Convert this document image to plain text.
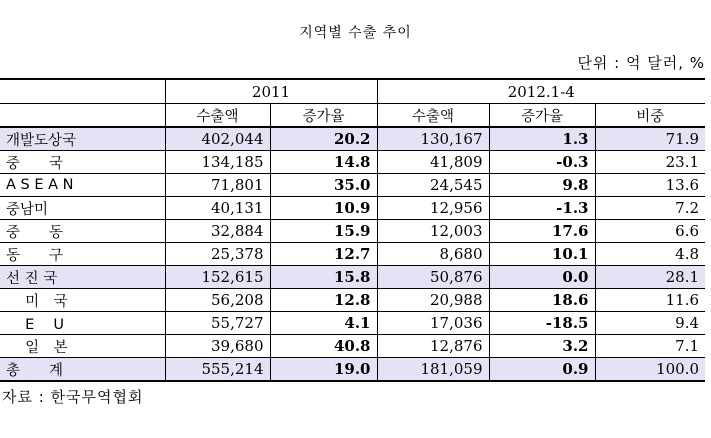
지역별 수출 추이
단위 : 억 달러, %
	2011		2012.1-4		
	수출액	증가율	수출액	증가율	비중
개발도상국	402,044	20.2	130,167	1.3	71.9
중　　국	134,185	14.8	41,809	-0.3	23.1
A S E A N	71,801	35.0	24,545	9.8	13.6
중남미	40,131	10.9	12,956	-1.3	7.2
중　　동	32,884	15.9	12,003	17.6	6.6
동　　구	25,378	12.7	8,680	10.1	4.8
선 진 국	152,615	15.8	50,876	0.0	28.1
　 미　국	56,208	12.8	20,988	18.6	11.6
　 E　 U	55,727	4.1	17,036	-18.5	9.4
　 일　본	39,680	40.8	12,876	3.2	7.1
총　　계	555,214	19.0	181,059	0.9	100.0
자료 : 한국무역협회
